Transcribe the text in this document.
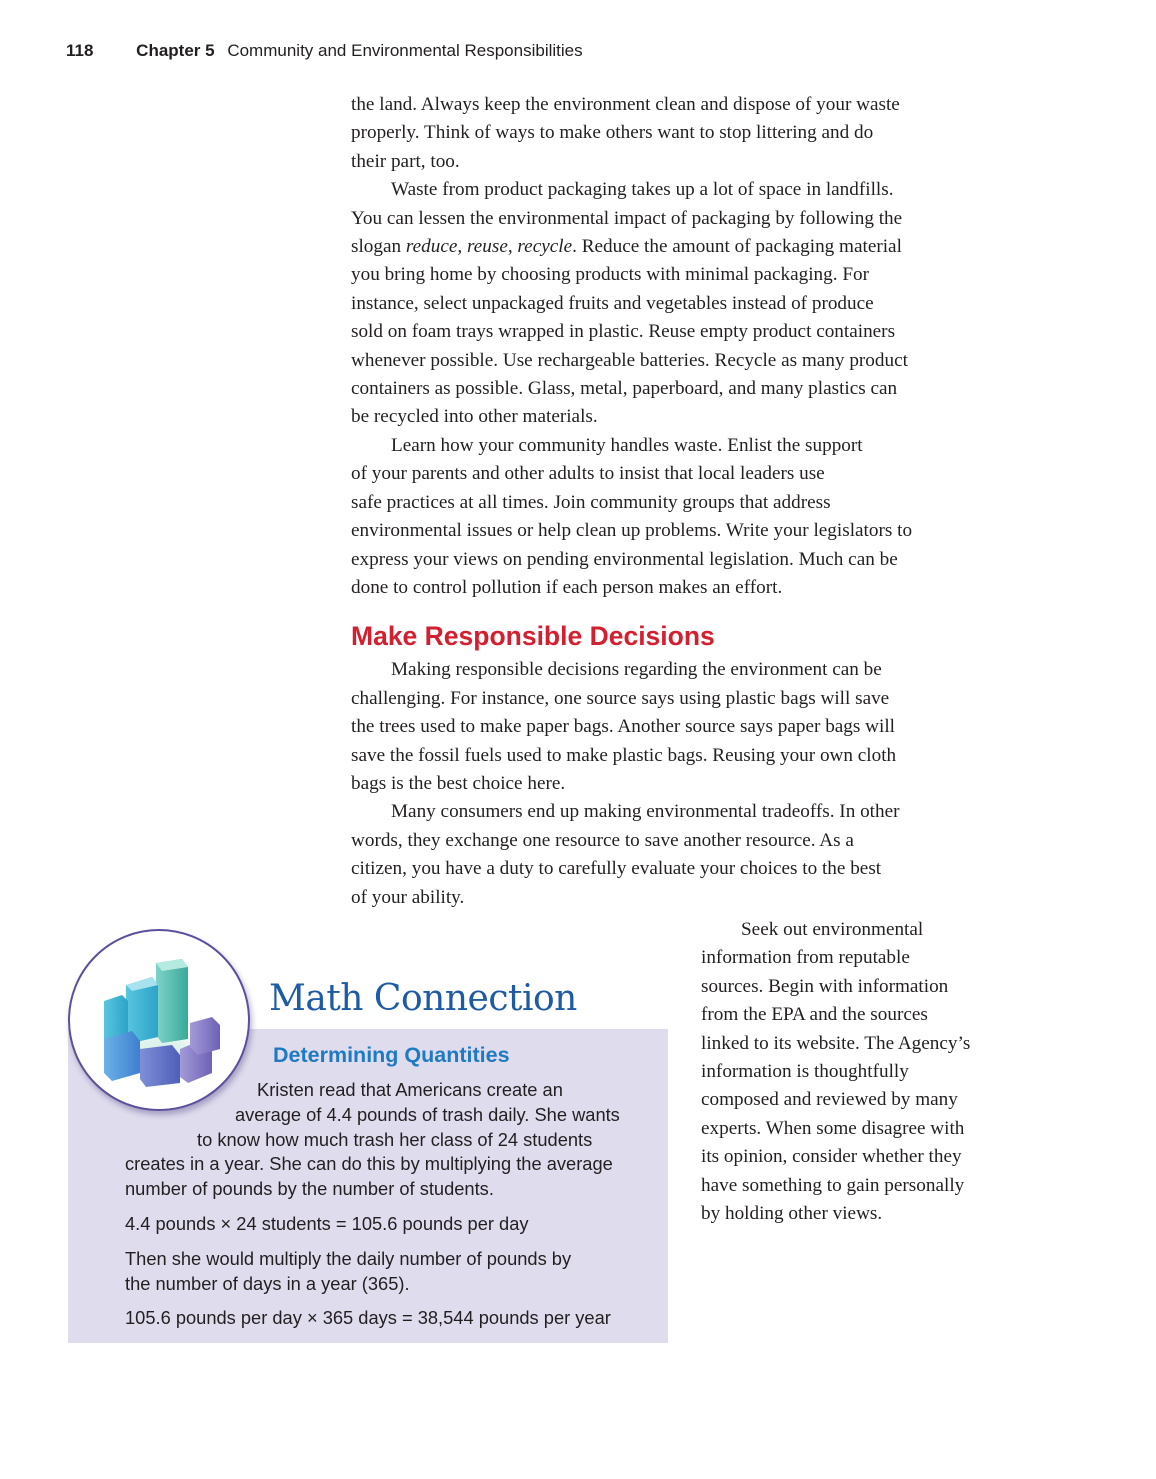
118	Chapter 5 Community and Environmental Responsibilities

the land. Always keep the environment clean and dispose of your waste
properly. Think of ways to make others want to stop littering and do
their part, too.

Waste from product packaging takes up a lot of space in landfills.
You can lessen the environmental impact of packaging by following the
slogan reduce, reuse, recycle. Reduce the amount of packaging material
you bring home by choosing products with minimal packaging. For
instance, select unpackaged fruits and vegetables instead of produce
sold on foam trays wrapped in plastic. Reuse empty product containers
whenever possible. Use rechargeable batteries. Recycle as many product
containers as possible. Glass, metal, paperboard, and many plastics can
be recycled into other materials.

Learn how your community handles waste. Enlist the support
of your parents and other adults to insist that local leaders use
safe practices at all times. Join community groups that address
environmental issues or help clean up problems. Write your legislators to
express your views on pending environmental legislation. Much can be
done to control pollution if each person makes an effort.

Make Responsible Decisions

Making responsible decisions regarding the environment can be
challenging. For instance, one source says using plastic bags will save
the trees used to make paper bags. Another source says paper bags will
save the fossil fuels used to make plastic bags. Reusing your own cloth
bags is the best choice here.

Many consumers end up making environmental tradeoffs. In other
words, they exchange one resource to save another resource. As a
citizen, you have a duty to carefully evaluate your choices to the best
of your ability.

Seek out environmental
information from reputable
sources. Begin with information
from the EPA and the sources
linked to its website. The Agency’s
information is thoughtfully
composed and reviewed by many
experts. When some disagree with
its opinion, consider whether they
have something to gain personally
by holding other views.
Math Connection
Determining Quantities
Kristen read that Americans create an
average of 4.4 pounds of trash daily. She wants
to know how much trash her class of 24 students
creates in a year. She can do this by multiplying the average
number of pounds by the number of students.
4.4 pounds × 24 students = 105.6 pounds per day
Then she would multiply the daily number of pounds by
the number of days in a year (365).
105.6 pounds per day × 365 days = 38,544 pounds per year
